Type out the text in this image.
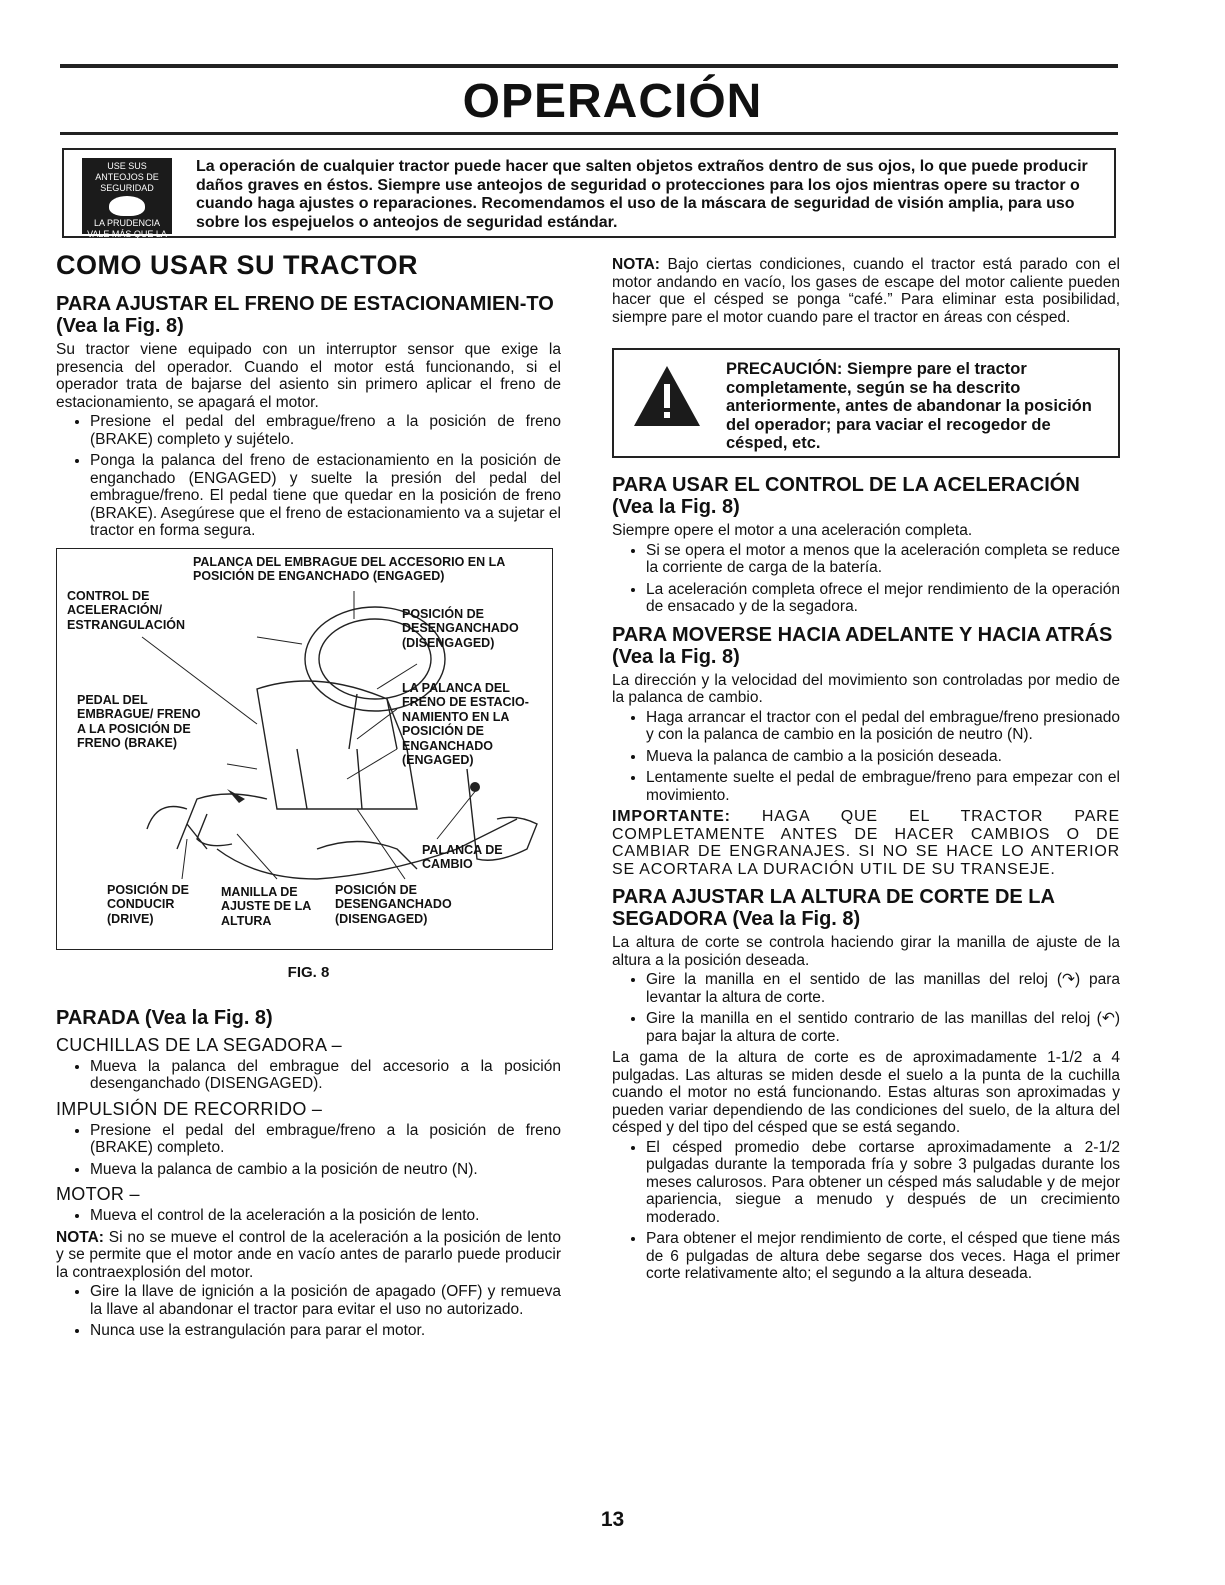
OPERACIÓN
USE SUS
ANTEOJOS DE SEGURIDAD
LA PRUDENCIA VALE MÁS QUE LA FALTA DE VISIÓN
La operación de cualquier tractor puede hacer que salten objetos extraños dentro de sus ojos, lo que puede producir daños graves en éstos. Siempre use anteojos de seguridad o protecciones para los ojos mientras opere su tractor o cuando haga ajustes o reparaciones. Recomendamos el uso de la máscara de seguridad de visión amplia, para uso sobre los espejuelos o anteojos de seguridad estándar.
COMO USAR SU TRACTOR
PARA AJUSTAR EL FRENO DE ESTACIONAMIEN-TO (Vea la Fig. 8)

Su tractor viene equipado con un interruptor sensor que exige la presencia del operador. Cuando el motor está funcionando, si el operador trata de bajarse del asiento sin primero aplicar el freno de estacionamiento, se apagará el motor.

• Presione el pedal del embrague/freno a la posición de freno (BRAKE) completo y sujételo.
• Ponga la palanca del freno de estacionamiento en la posición de enganchado (ENGAGED) y suelte la presión del pedal del embrague/freno. El pedal tiene que quedar en la posición de freno (BRAKE). Asegúrese que el freno de estacionamiento va a sujetar el tractor en forma segura.
PALANCA DEL EMBRAGUE DEL ACCESORIO EN LA POSICIÓN DE ENGANCHADO (ENGAGED)
CONTROL DE ACELERACIÓN/ ESTRANGULACIÓN
POSICIÓN DE DESENGANCHADO (DISENGAGED)
LA PALANCA DEL FRENO DE ESTACIO-NAMIENTO EN LA POSICIÓN DE ENGANCHADO (ENGAGED)
PEDAL DEL EMBRAGUE/ FRENO A LA POSICIÓN DE FRENO (BRAKE)
PALANCA DE CAMBIO
POSICIÓN DE CONDUCIR (DRIVE)
MANILLA DE AJUSTE DE LA ALTURA
POSICIÓN DE DESENGANCHADO (DISENGAGED)
FIG. 8
PARADA (Vea la Fig. 8)
CUCHILLAS DE LA SEGADORA –
• Mueva la palanca del embrague del accesorio a la posición desenganchado (DISENGAGED).
IMPULSIÓN DE RECORRIDO –
• Presione el pedal del embrague/freno a la posición de freno (BRAKE) completo.
• Mueva la palanca de cambio a la posición de neutro (N).
MOTOR –
• Mueva el control de la aceleración a la posición de lento.

NOTA: Si no se mueve el control de la aceleración a la posición de lento y se permite que el motor ande en vacío antes de pararlo puede producir la contraexplosión del motor.

• Gire la llave de ignición a la posición de apagado (OFF) y remueva la llave al abandonar el tractor para evitar el uso no autorizado.
• Nunca use la estrangulación para parar el motor.

NOTA: Bajo ciertas condiciones, cuando el tractor está parado con el motor andando en vacío, los gases de escape del motor caliente pueden hacer que el césped se ponga “café.” Para eliminar esta posibilidad, siempre pare el motor cuando pare el tractor en áreas con césped.

PRECAUCIÓN: Siempre pare el tractor completamente, según se ha descrito anteriormente, antes de abandonar la posición del operador; para vaciar el recogedor de césped, etc.
PARA USAR EL CONTROL DE LA ACELERACIÓN (Vea la Fig. 8)

Siempre opere el motor a una aceleración completa.

• Si se opera el motor a menos que la aceleración completa se reduce la corriente de carga de la batería.
• La aceleración completa ofrece el mejor rendimiento de la operación de ensacado y de la segadora.
PARA MOVERSE HACIA ADELANTE Y HACIA ATRÁS (Vea la Fig. 8)

La dirección y la velocidad del movimiento son controladas por medio de la palanca de cambio.

• Haga arrancar el tractor con el pedal del embrague/freno presionado y con la palanca de cambio en la posición de neutro (N).
• Mueva la palanca de cambio a la posición deseada.
• Lentamente suelte el pedal de embrague/freno para empezar con el movimiento.

IMPORTANTE: HAGA QUE EL TRACTOR PARE COMPLETAMENTE ANTES DE HACER CAMBIOS O DE CAMBIAR DE ENGRANAJES. SI NO SE HACE LO ANTERIOR SE ACORTARA LA DURACIÓN UTIL DE SU TRANSEJE.

PARA AJUSTAR LA ALTURA DE CORTE DE LA SEGADORA (Vea la Fig. 8)

La altura de corte se controla haciendo girar la manilla de ajuste de la altura a la posición deseada.

• Gire la manilla en el sentido de las manillas del reloj (↷) para levantar la altura de corte.
• Gire la manilla en el sentido contrario de las manillas del reloj (↶) para bajar la altura de corte.

La gama de la altura de corte es de aproximadamente 1-1/2 a 4 pulgadas. Las alturas se miden desde el suelo a la punta de la cuchilla cuando el motor no está funcionando. Estas alturas son aproximadas y pueden variar dependiendo de las condiciones del suelo, de la altura del césped y del tipo del césped que se está segando.

• El césped promedio debe cortarse aproximadamente a 2-1/2 pulgadas durante la temporada fría y sobre 3 pulgadas durante los meses calurosos. Para obtener un césped más saludable y de mejor apariencia, siegue a menudo y después de un crecimiento moderado.
• Para obtener el mejor rendimiento de corte, el césped que tiene más de 6 pulgadas de altura debe segarse dos veces. Haga el primer corte relativamente alto; el segundo a la altura deseada.
13
